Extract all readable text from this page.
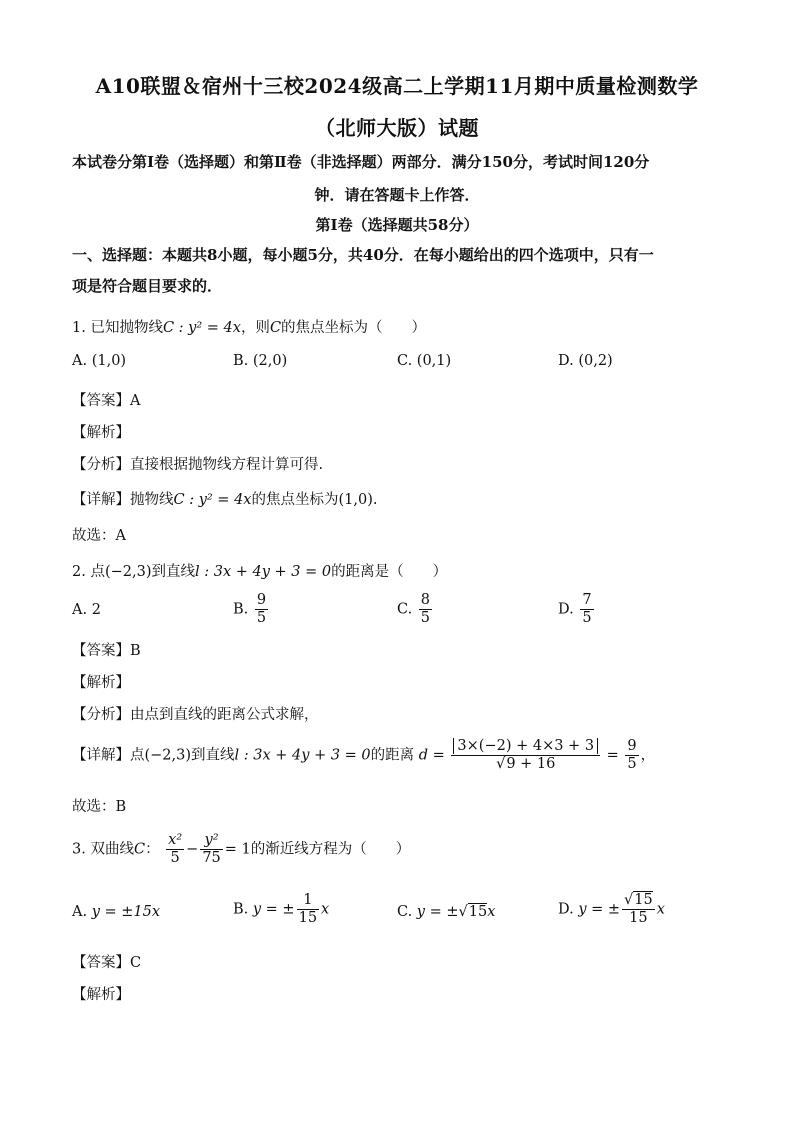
A10联盟＆宿州十三校2024级高二上学期11月期中质量检测数学
（北师大版）试题
本试卷分第Ⅰ卷（选择题）和第Ⅱ卷（非选择题）两部分．满分150分，考试时间120分
钟．请在答题卡上作答．
第Ⅰ卷（选择题共58分）
一、选择题：本题共8小题，每小题5分，共40分．在每小题给出的四个选项中，只有一
项是符合题目要求的．
1. 已知抛物线C : y² = 4x，则C的焦点坐标为（　　）
A. (1,0)	B. (2,0)	C. (0,1)	D. (0,2)
【答案】A
【解析】
【分析】直接根据抛物线方程计算可得.
【详解】抛物线C : y² = 4x的焦点坐标为(1,0).
故选：A
2. 点(−2,3)到直线l : 3x + 4y + 3 = 0的距离是（　　）
A. 2	B. $\frac{9}{5}$	C. $\frac{8}{5}$	D. $\frac{7}{5}$
【答案】B
【解析】
【分析】由点到直线的距离公式求解，
【详解】点(−2,3)到直线l : 3x + 4y + 3 = 0的距离 $d = \frac{3\times(-2) + 4\times 3 + 3}{√9 + 16} = \frac{9}{5}$ ，
故选：B
3. 双曲线C： $\frac{\text{x²}}{5} - \frac{\text{y²}}{75} = 1$的渐近线方程为（　　）
A. y = ±15x	B. y = ± $\frac{1}{15}$ x	C. y = ±√15x	D. y = ± $\frac{√15}{15}$ x
【答案】C
【解析】
